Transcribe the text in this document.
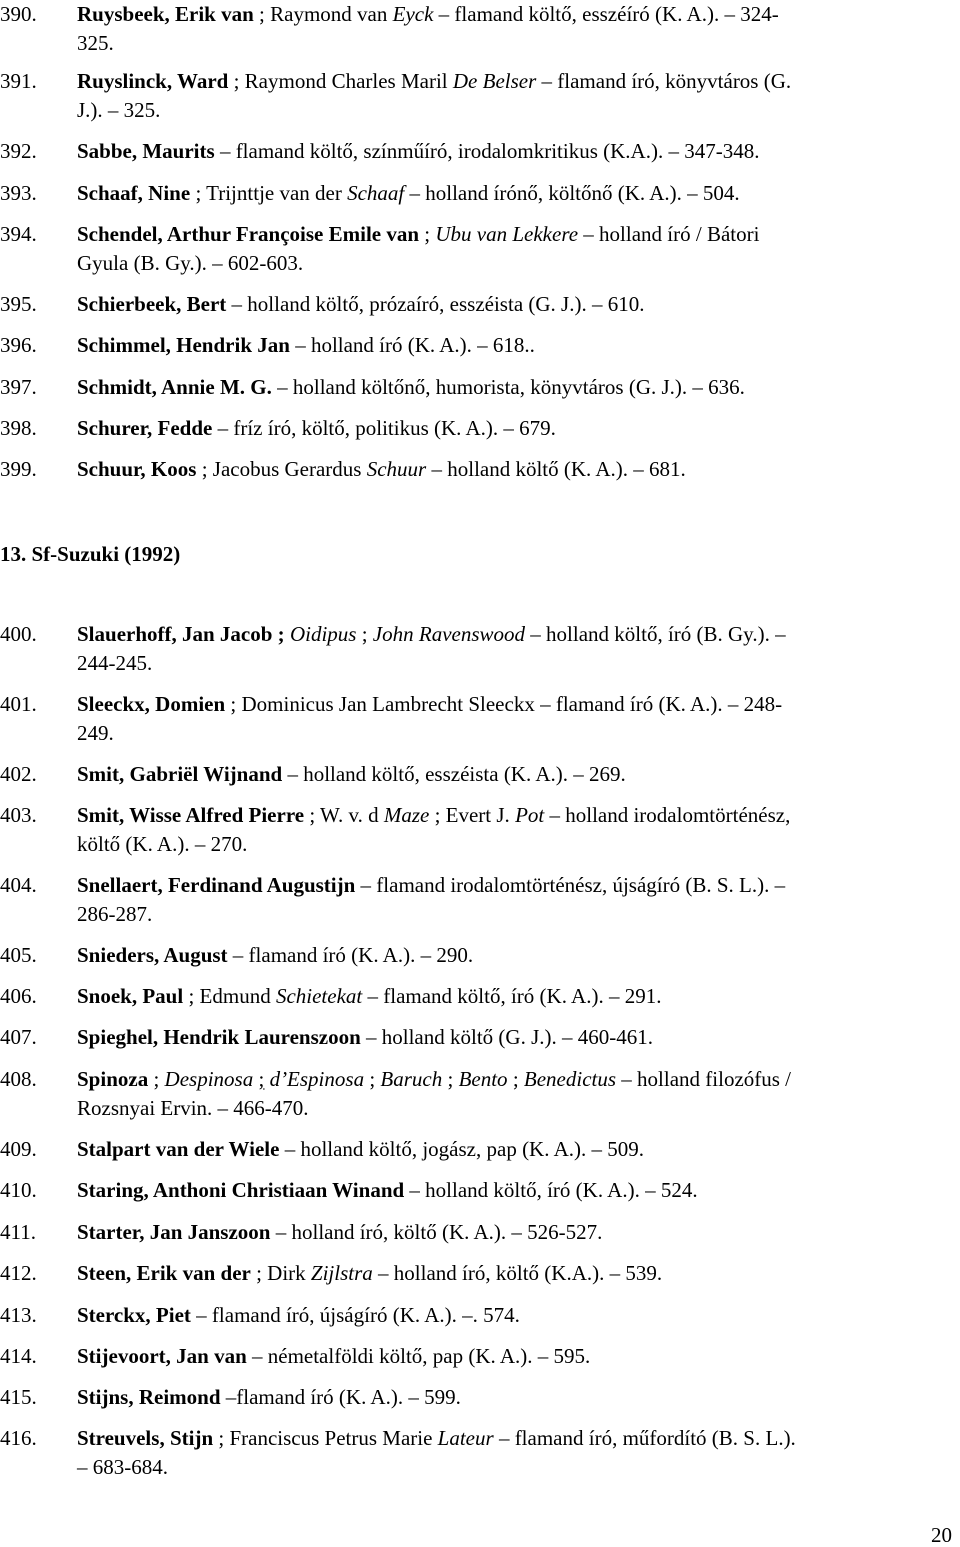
390.	Ruysbeek, Erik van ; Raymond van Eyck – flamand költő, esszéíró (K. A.). – 324-
325.
391.	Ruyslinck, Ward ; Raymond Charles Maril De Belser – flamand író, könyvtáros (G.
J.). – 325.
392.	Sabbe, Maurits – flamand költő, színműíró, irodalomkritikus (K.A.). – 347-348.
393.	Schaaf, Nine ; Trijnttje van der Schaaf – holland írónő, költőnő (K. A.). – 504.
394.	Schendel, Arthur Françoise Emile van ; Ubu van Lekkere – holland író / Bátori
Gyula (B. Gy.). – 602-603.
395.	Schierbeek, Bert – holland költő, prózaíró, esszéista (G. J.). – 610.
396.	Schimmel, Hendrik Jan – holland író (K. A.). – 618..
397.	Schmidt, Annie M. G. – holland költőnő, humorista, könyvtáros (G. J.). – 636.
398.	Schurer, Fedde – fríz író, költő, politikus (K. A.). – 679.
399.	Schuur, Koos ; Jacobus Gerardus Schuur – holland költő (K. A.). – 681.
13. Sf-Suzuki (1992)
400.	Slauerhoff, Jan Jacob ; Oidipus ; John Ravenswood – holland költő, író (B. Gy.). –
244-245.
401.	Sleeckx, Domien ; Dominicus Jan Lambrecht Sleeckx – flamand író (K. A.). – 248-
249.
402.	Smit, Gabriël Wijnand – holland költő, esszéista (K. A.). – 269.
403.	Smit, Wisse Alfred Pierre ; W. v. d Maze ; Evert J. Pot – holland irodalomtörténész,
költő (K. A.). – 270.
404.	Snellaert, Ferdinand Augustijn – flamand irodalomtörténész, újságíró (B. S. L.). –
286-287.
405.	Snieders, August – flamand író (K. A.). – 290.
406.	Snoek, Paul ; Edmund Schietekat – flamand költő, író (K. A.). – 291.
407.	Spieghel, Hendrik Laurenszoon – holland költő (G. J.). – 460-461.
408.	Spinoza ; Despinosa ; d’Espinosa ; Baruch ; Bento ; Benedictus – holland filozófus /
Rozsnyai Ervin. – 466-470.
409.	Stalpart van der Wiele – holland költő, jogász, pap (K. A.). – 509.
410.	Staring, Anthoni Christiaan Winand – holland költő, író (K. A.). – 524.
411.	Starter, Jan Janszoon – holland író, költő (K. A.). – 526-527.
412.	Steen, Erik van der ; Dirk Zijlstra – holland író, költő (K.A.). – 539.
413.	Sterckx, Piet – flamand író, újságíró (K. A.). –. 574.
414.	Stijevoort, Jan van – németalföldi költő, pap (K. A.). – 595.
415.	Stijns, Reimond –flamand író (K. A.). – 599.
416.	Streuvels, Stijn ; Franciscus Petrus Marie Lateur – flamand író, műfordító (B. S. L.).
– 683-684.
20
